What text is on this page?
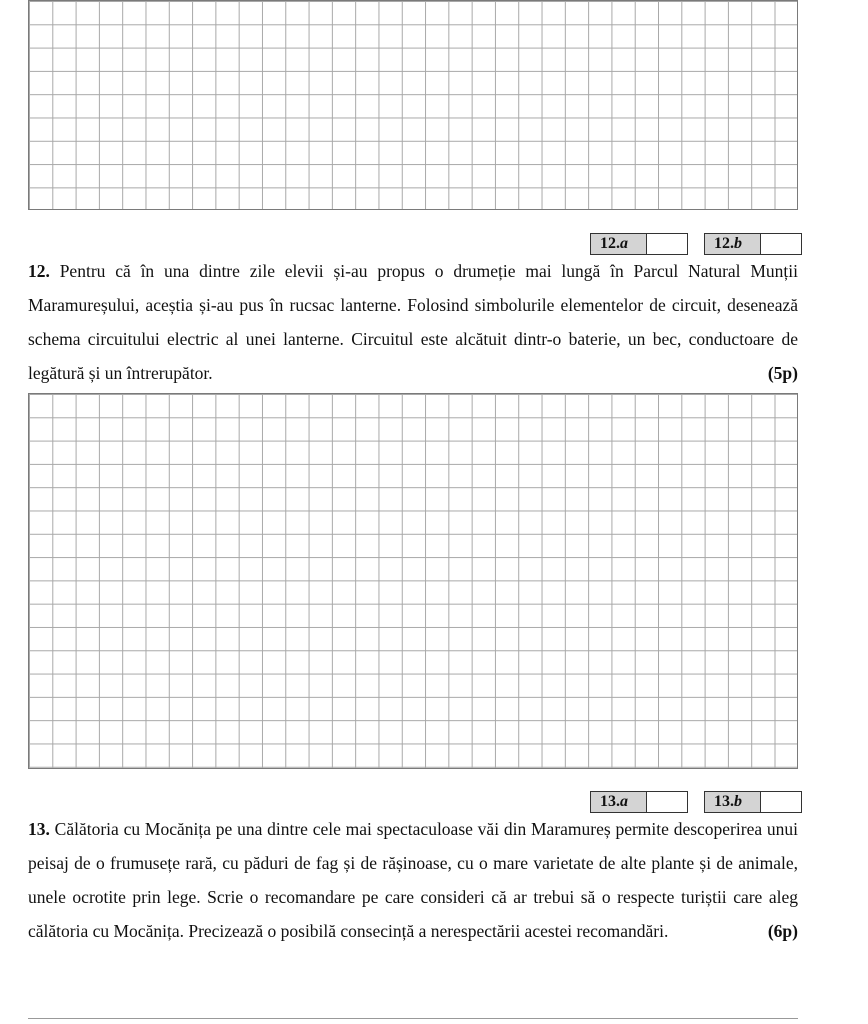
12.a	12.b
12. Pentru că în una dintre zile elevii și-au propus o drumeție mai lungă în Parcul Natural Munții Maramureșului, aceștia și-au pus în rucsac lanterne. Folosind simbolurile elementelor de circuit, desenează schema circuitului electric al unei lanterne. Circuitul este alcătuit dintr-o baterie, un bec, conductoare de legătură și un întrerupător.	(5p)
13.a	13.b
13. Călătoria cu Mocănița pe una dintre cele mai spectaculoase văi din Maramureș permite descoperirea unui peisaj de o frumusețe rară, cu păduri de fag și de rășinoase, cu o mare varietate de alte plante și de animale, unele ocrotite prin lege. Scrie o recomandare pe care consideri că ar trebui să o respecte turiștii care aleg călătoria cu Mocănița. Precizează o posibilă consecință a nerespectării acestei recomandări.	(6p)
